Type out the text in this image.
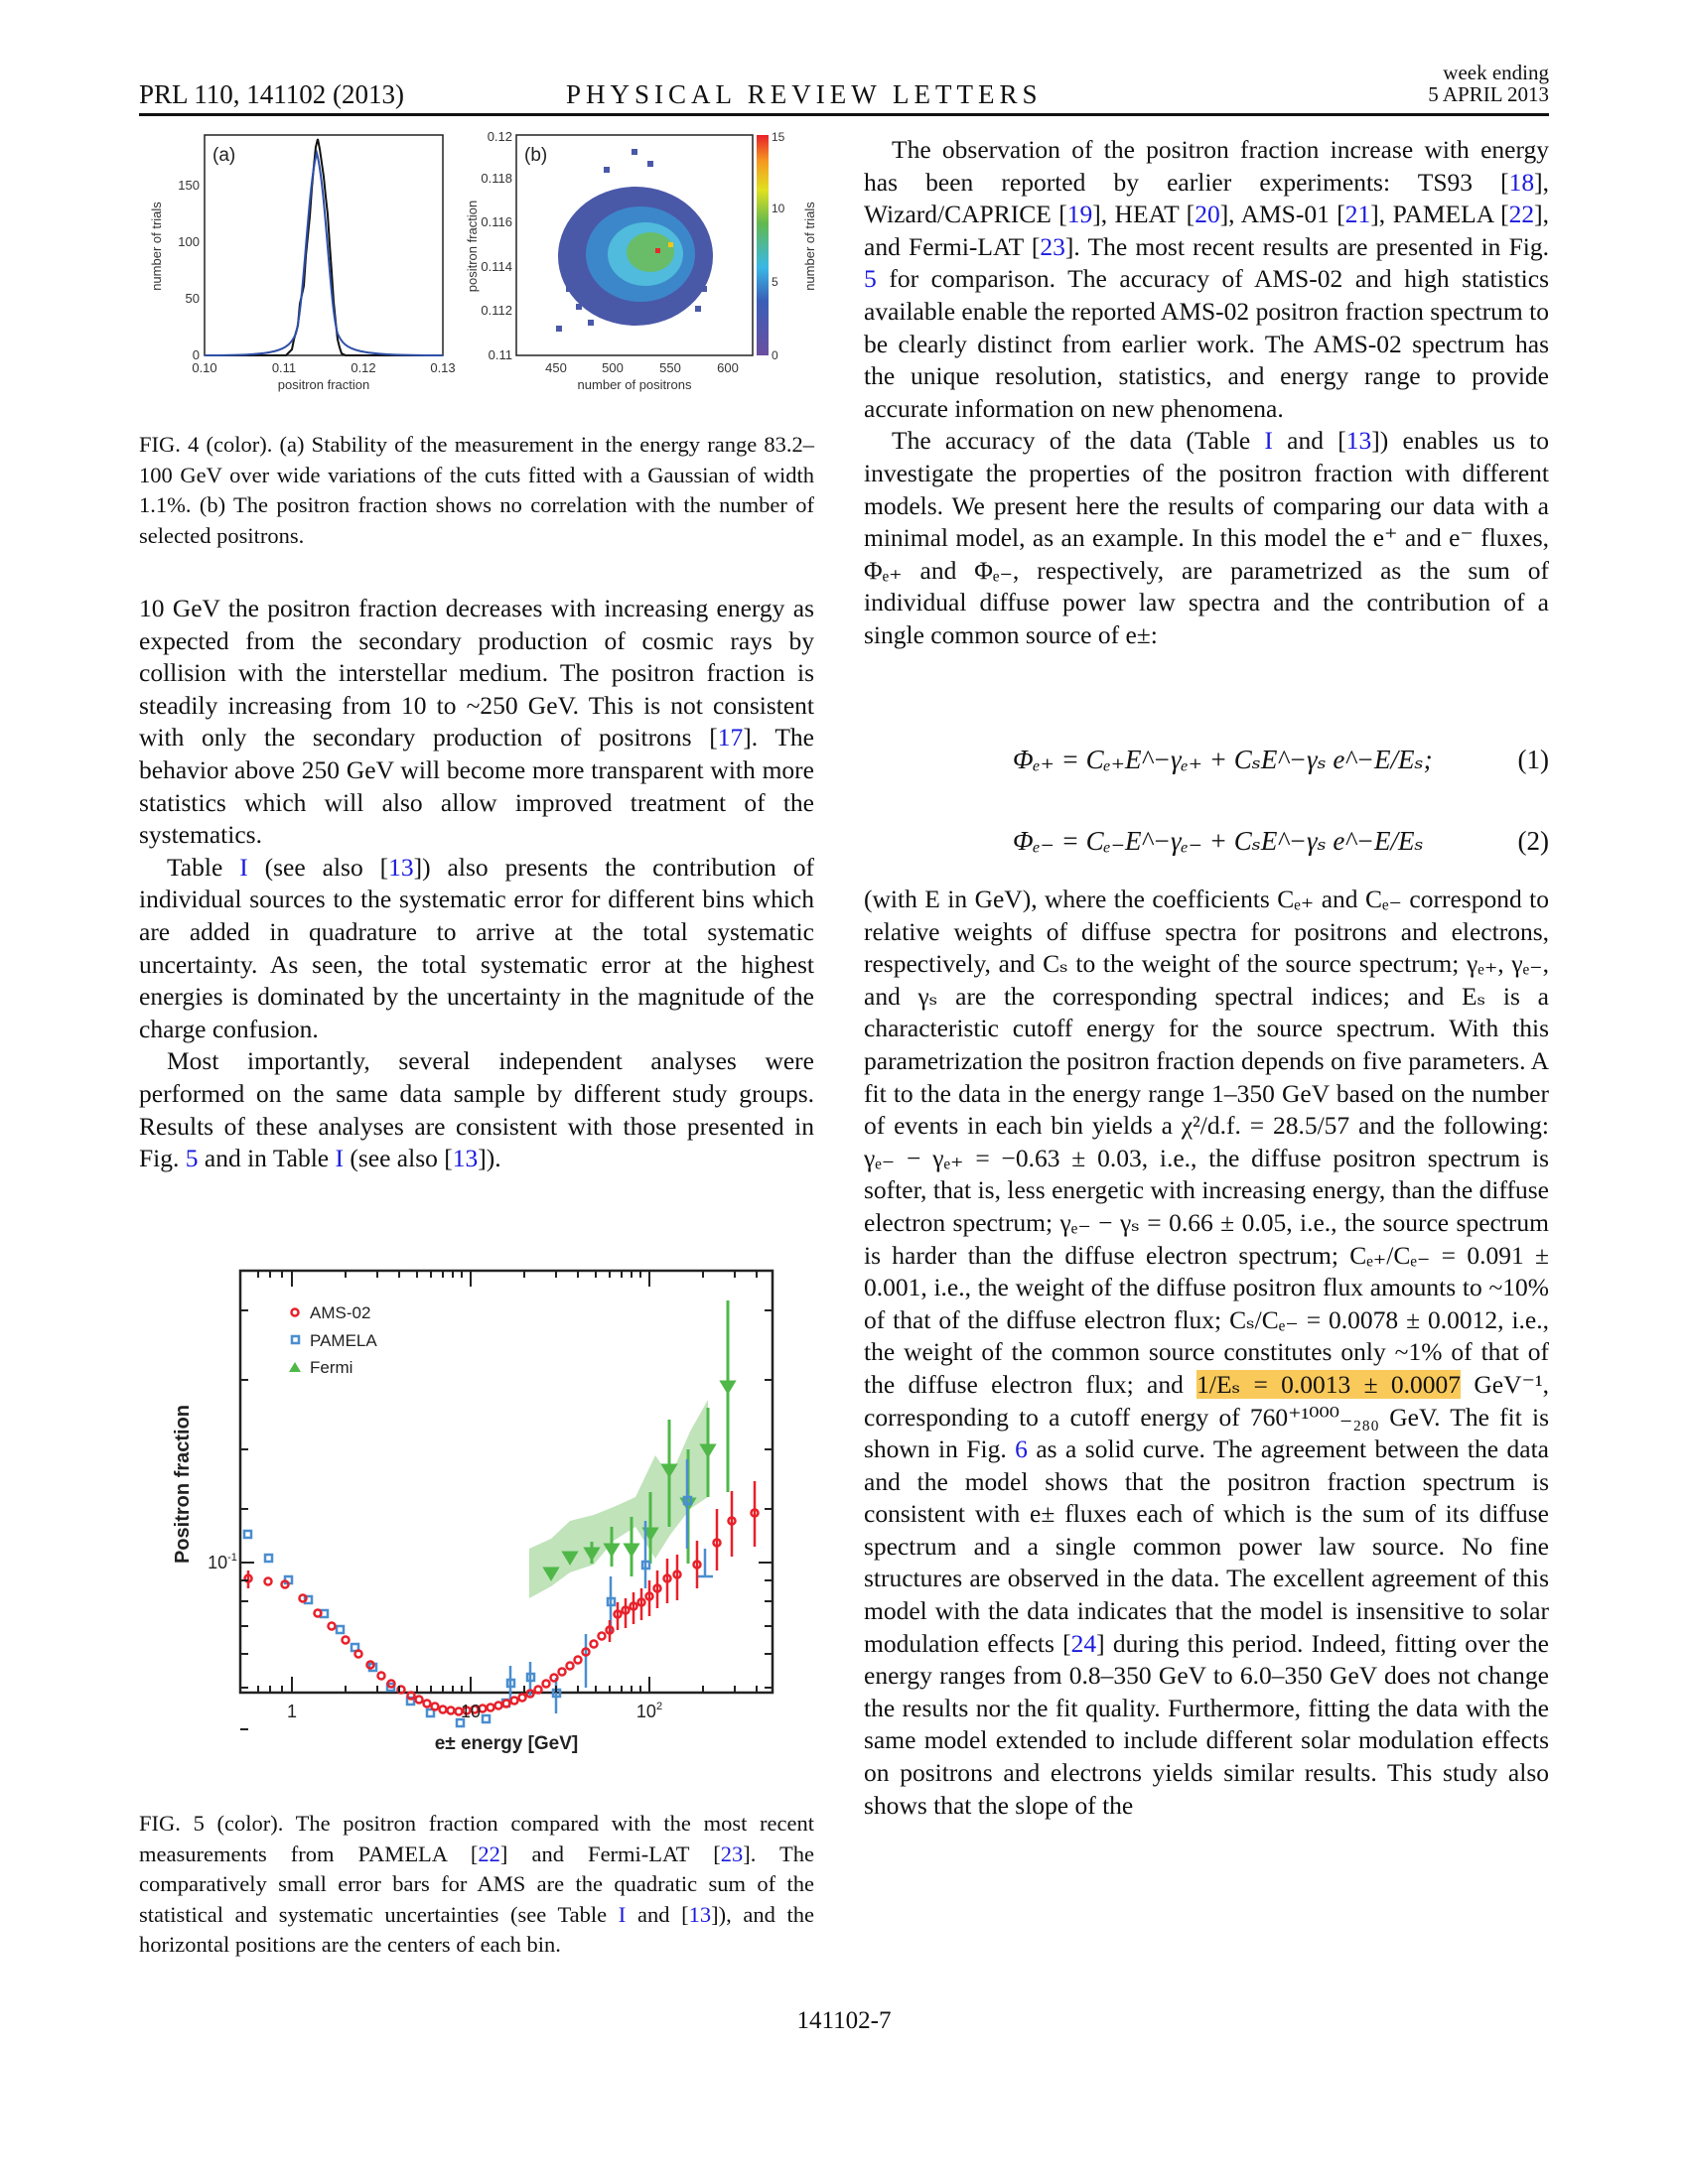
PRL 110, 141102 (2013)	PHYSICAL REVIEW LETTERS
week ending
5 APRIL 2013
(a)
0
50
100
150
0.10	0.11	0.12	0.13
positron fraction
number of trials
(b)
0.11
0.112
0.114
0.116
0.118
0.12
450	500	550	600
number of positrons
positron fraction
0
5
10
15
number of trials
FIG. 4 (color). (a) Stability of the measurement in the energy range 83.2–100 GeV over wide variations of the cuts fitted with a Gaussian of width 1.1%. (b) The positron fraction shows no correlation with the number of selected positrons.

10 GeV the positron fraction decreases with increasing energy as expected from the secondary production of cosmic rays by collision with the interstellar medium. The positron fraction is steadily increasing from 10 to ~250 GeV. This is not consistent with only the secondary production of positrons [17]. The behavior above 250 GeV will become more transparent with more statistics which will also allow improved treatment of the systematics.

Table I (see also [13]) also presents the contribution of individual sources to the systematic error for different bins which are added in quadrature to arrive at the total systematic uncertainty. As seen, the total systematic error at the highest energies is dominated by the uncertainty in the magnitude of the charge confusion.

Most importantly, several independent analyses were performed on the same data sample by different study groups. Results of these analyses are consistent with those presented in Fig. 5 and in Table I (see also [13]).

AMS-02
PAMELA
Fermi
1	10	$10^2$
$10^{-1}$
e± energy [GeV]
Positron fraction
FIG. 5 (color). The positron fraction compared with the most recent measurements from PAMELA [22] and Fermi-LAT [23]. The comparatively small error bars for AMS are the quadratic sum of the statistical and systematic uncertainties (see Table I and [13]), and the horizontal positions are the centers of each bin.

The observation of the positron fraction increase with energy has been reported by earlier experiments: TS93 [18], Wizard/CAPRICE [19], HEAT [20], AMS-01 [21], PAMELA [22], and Fermi-LAT [23]. The most recent results are presented in Fig. 5 for comparison. The accuracy of AMS-02 and high statistics available enable the reported AMS-02 positron fraction spectrum to be clearly distinct from earlier work. The AMS-02 spectrum has the unique resolution, statistics, and energy range to provide accurate information on new phenomena.

The accuracy of the data (Table I and [13]) enables us to investigate the properties of the positron fraction with different models. We present here the results of comparing our data with a minimal model, as an example. In this model the e⁺ and e⁻ fluxes, Φₑ₊ and Φₑ₋, respectively, are parametrized as the sum of individual diffuse power law spectra and the contribution of a single common source of e±:

Φₑ₊ = Cₑ₊E^−γₑ₊ + CₛE^−γₛ e^−E/Eₛ;	(1)
Φₑ₋ = Cₑ₋E^−γₑ₋ + CₛE^−γₛ e^−E/Eₛ	(2)

(with E in GeV), where the coefficients Cₑ₊ and Cₑ₋ correspond to relative weights of diffuse spectra for positrons and electrons, respectively, and Cₛ to the weight of the source spectrum; γₑ₊, γₑ₋, and γₛ are the corresponding spectral indices; and Eₛ is a characteristic cutoff energy for the source spectrum. With this parametrization the positron fraction depends on five parameters. A fit to the data in the energy range 1–350 GeV based on the number of events in each bin yields a χ²/d.f. = 28.5/57 and the following: γₑ₋ − γₑ₊ = −0.63 ± 0.03, i.e., the diffuse positron spectrum is softer, that is, less energetic with increasing energy, than the diffuse electron spectrum; γₑ₋ − γₛ = 0.66 ± 0.05, i.e., the source spectrum is harder than the diffuse electron spectrum; Cₑ₊/Cₑ₋ = 0.091 ± 0.001, i.e., the weight of the diffuse positron flux amounts to ~10% of that of the diffuse electron flux; Cₛ/Cₑ₋ = 0.0078 ± 0.0012, i.e., the weight of the common source constitutes only ~1% of that of the diffuse electron flux; and 1/Eₛ = 0.0013 ± 0.0007 GeV⁻¹, corresponding to a cutoff energy of 760⁺¹⁰⁰⁰₋₂₈₀ GeV. The fit is shown in Fig. 6 as a solid curve. The agreement between the data and the model shows that the positron fraction spectrum is consistent with e± fluxes each of which is the sum of its diffuse spectrum and a single common power law source. No fine structures are observed in the data. The excellent agreement of this model with the data indicates that the model is insensitive to solar modulation effects [24] during this period. Indeed, fitting over the energy ranges from 0.8–350 GeV to 6.0–350 GeV does not change the results nor the fit quality. Furthermore, fitting the data with the same model extended to include different solar modulation effects on positrons and electrons yields similar results. This study also shows that the slope of the

141102-7
